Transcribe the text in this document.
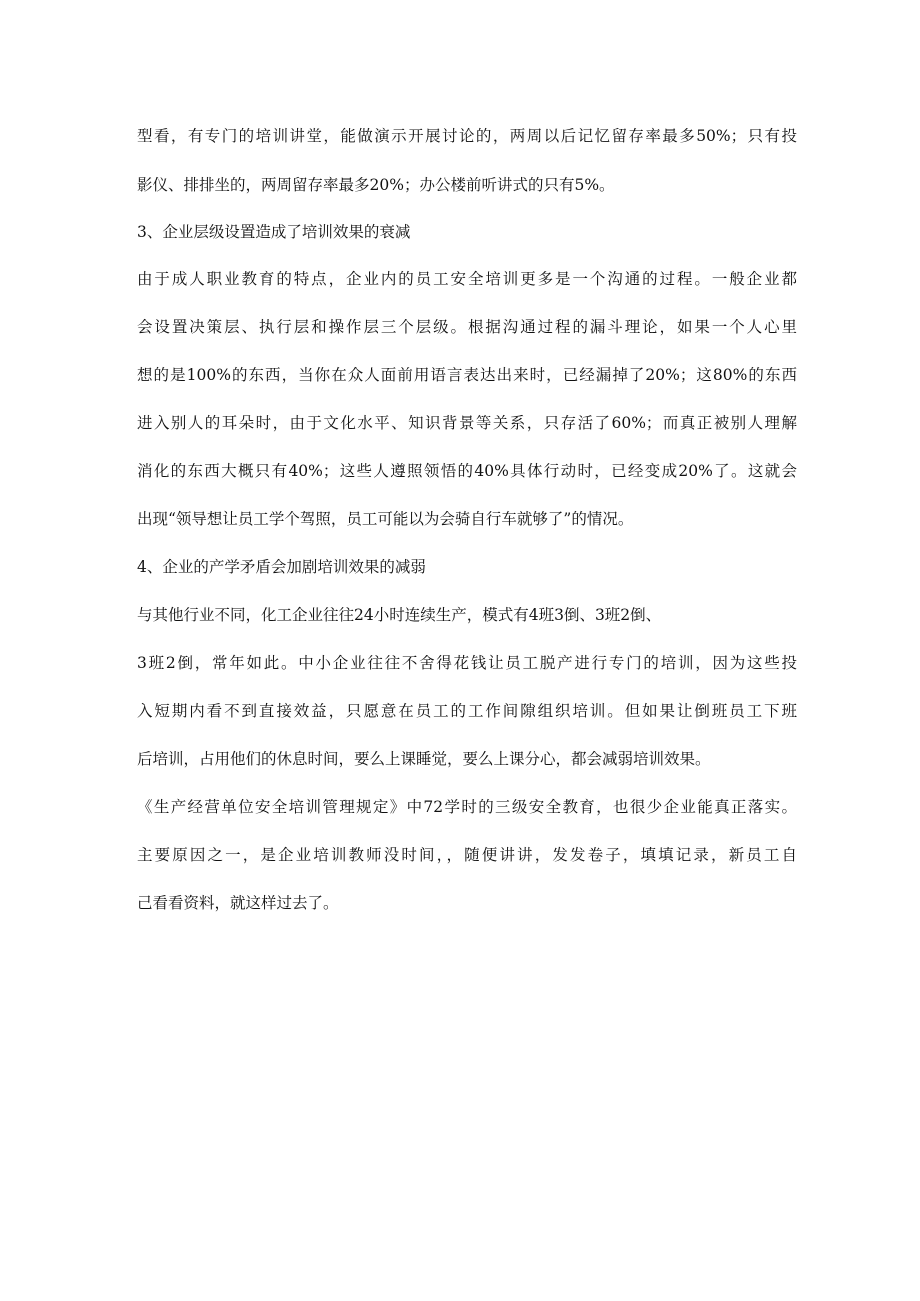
型看，有专门的培训讲堂，能做演示开展讨论的，两周以后记忆留存率最多50%；只有投
影仪、排排坐的，两周留存率最多20%；办公楼前听讲式的只有5%。
3、企业层级设置造成了培训效果的衰减
由于成人职业教育的特点，企业内的员工安全培训更多是一个沟通的过程。一般企业都
会设置决策层、执行层和操作层三个层级。根据沟通过程的漏斗理论，如果一个人心里
想的是100%的东西，当你在众人面前用语言表达出来时，已经漏掉了20%；这80%的东西
进入别人的耳朵时，由于文化水平、知识背景等关系，只存活了60%；而真正被别人理解
消化的东西大概只有40%；这些人遵照领悟的40%具体行动时，已经变成20%了。这就会
出现“领导想让员工学个驾照，员工可能以为会骑自行车就够了”的情况。
4、企业的产学矛盾会加剧培训效果的减弱
与其他行业不同，化工企业往往24小时连续生产，模式有4班3倒、3班2倒、
3班2倒，常年如此。中小企业往往不舍得花钱让员工脱产进行专门的培训，因为这些投
入短期内看不到直接效益，只愿意在员工的工作间隙组织培训。但如果让倒班员工下班
后培训，占用他们的休息时间，要么上课睡觉，要么上课分心，都会减弱培训效果。
《生产经营单位安全培训管理规定》中72学时的三级安全教育，也很少企业能真正落实。
主要原因之一，是企业培训教师没时间，，随便讲讲，发发卷子，填填记录，新员工自
己看看资料，就这样过去了。
